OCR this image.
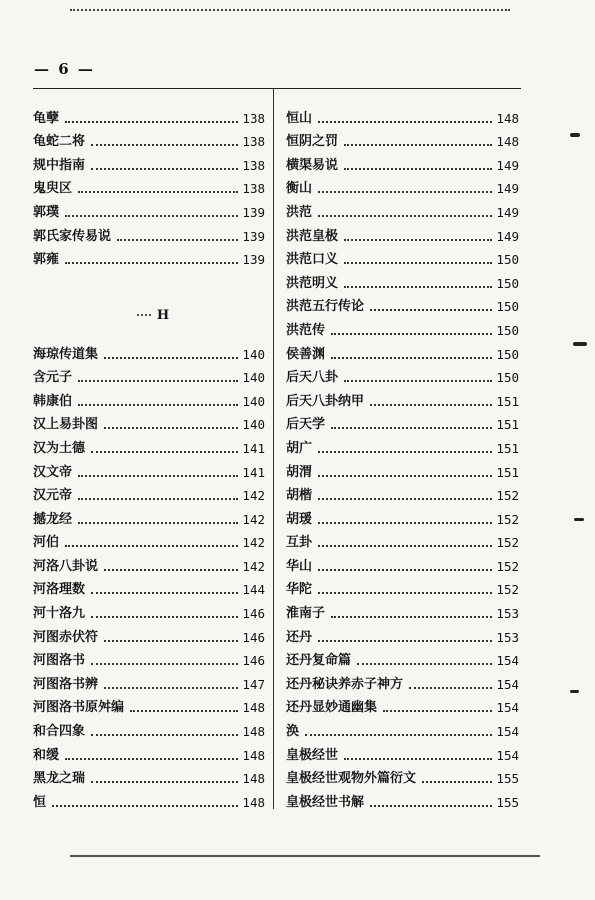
— 6 —
龟孽	138
龟蛇二将	138
规中指南	138
鬼臾区	138
郭璞	139
郭氏家传易说	139
郭雍	139
H
海琼传道集	140
含元子	140
韩康伯	140
汉上易卦图	140
汉为土德	141
汉文帝	141
汉元帝	142
撼龙经	142
河伯	142
河洛八卦说	142
河洛理数	144
河十洛九	146
河图赤伏符	146
河图洛书	146
河图洛书辨	147
河图洛书原舛编	148
和合四象	148
和缓	148
黑龙之瑞	148
恒	148
恒山	148
恒阴之罚	148
横渠易说	149
衡山	149
洪范	149
洪范皇极	149
洪范口义	150
洪范明义	150
洪范五行传论	150
洪范传	150
侯善渊	150
后天八卦	150
后天八卦纳甲	151
后天学	151
胡广	151
胡渭	151
胡楷	152
胡瑗	152
互卦	152
华山	152
华陀	152
淮南子	153
还丹	153
还丹复命篇	154
还丹秘诀养赤子神方	154
还丹显妙通幽集	154
涣	154
皇极经世	154
皇极经世观物外篇衍文	155
皇极经世书解	155
